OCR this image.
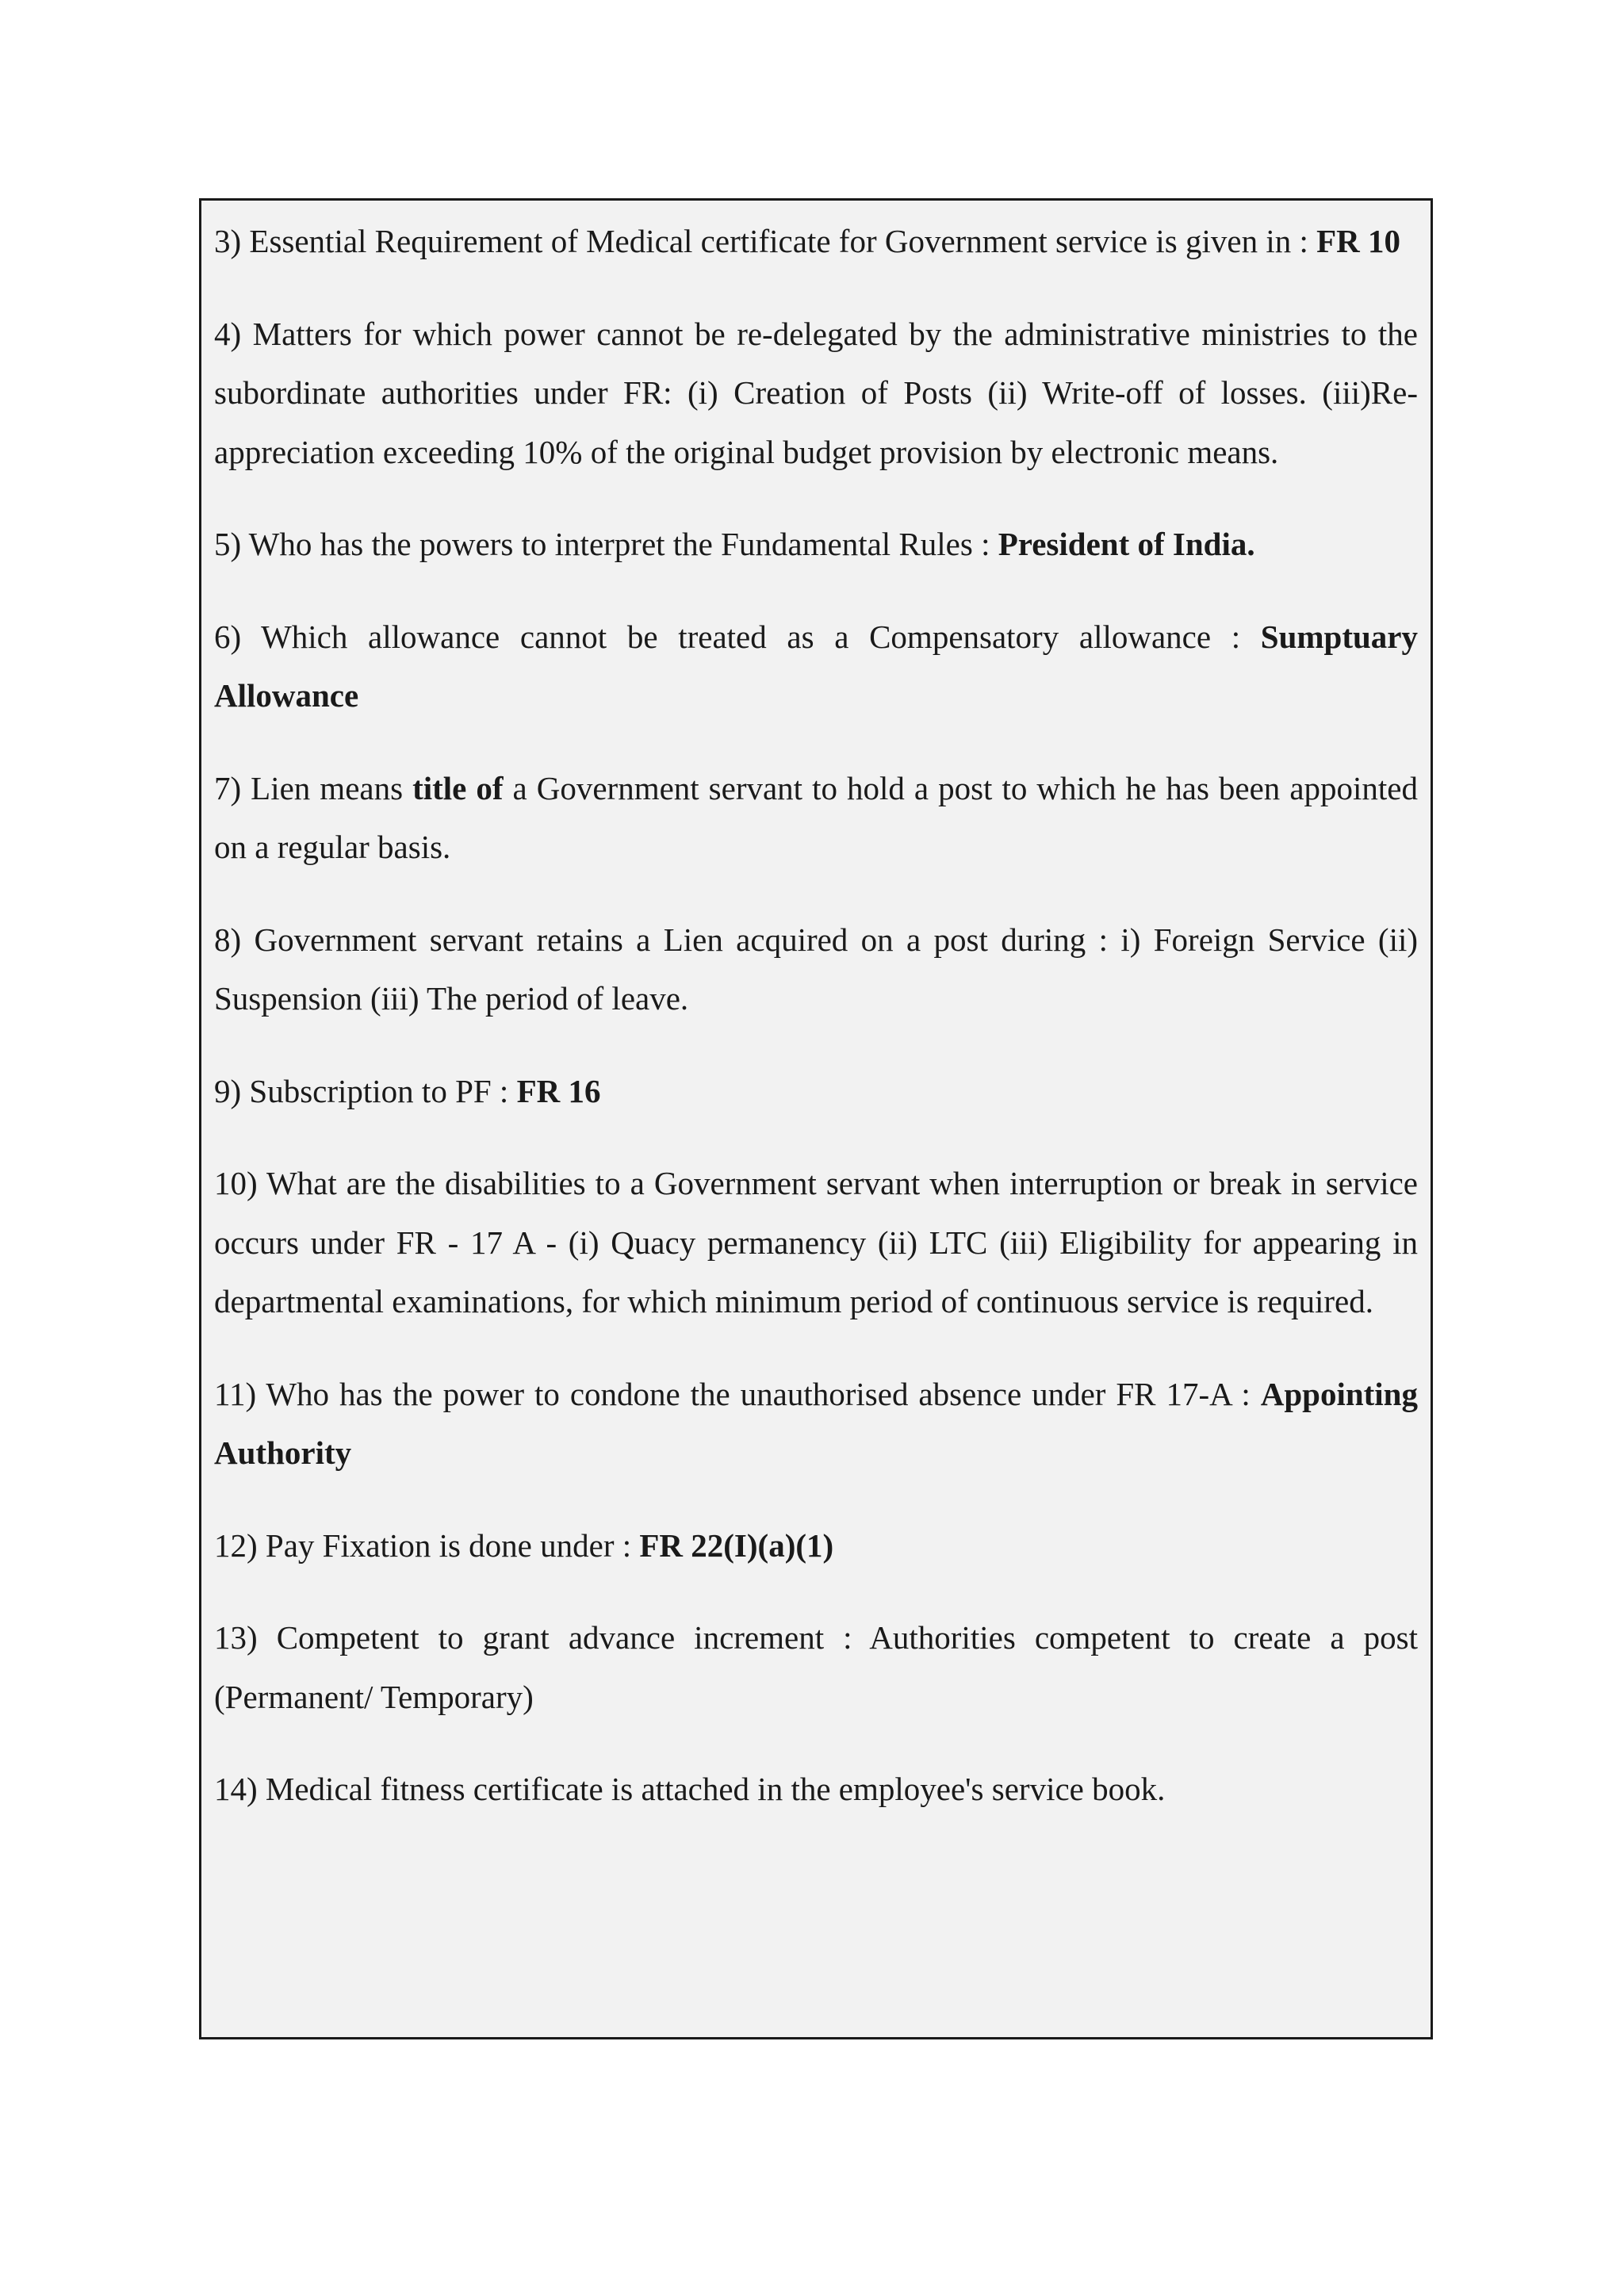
3) Essential Requirement of Medical certificate for Government service is given in : FR 10

4) Matters for which power cannot be re-delegated by the administrative ministries to the subordinate authorities under FR: (i) Creation of Posts (ii) Write-off of losses. (iii)Re-appreciation exceeding 10% of the original budget provision by electronic means.

5) Who has the powers to interpret the Fundamental Rules : President of India.

6) Which allowance cannot be treated as a Compensatory allowance : Sumptuary Allowance

7) Lien means title of a Government servant to hold a post to which he has been appointed on a regular basis.

8) Government servant retains a Lien acquired on a post during : i) Foreign Service (ii) Suspension (iii) The period of leave.

9) Subscription to PF : FR 16

10) What are the disabilities to a Government servant when interruption or break in service occurs under FR - 17 A - (i) Quacy permanency (ii) LTC (iii) Eligibility for appearing in departmental examinations, for which minimum period of continuous service is required.

11) Who has the power to condone the unauthorised absence under FR 17-A : Appointing Authority

12) Pay Fixation is done under : FR 22(I)(a)(1)

13) Competent to grant advance increment : Authorities competent to create a post (Permanent/ Temporary)

14) Medical fitness certificate is attached in the employee's service book.
